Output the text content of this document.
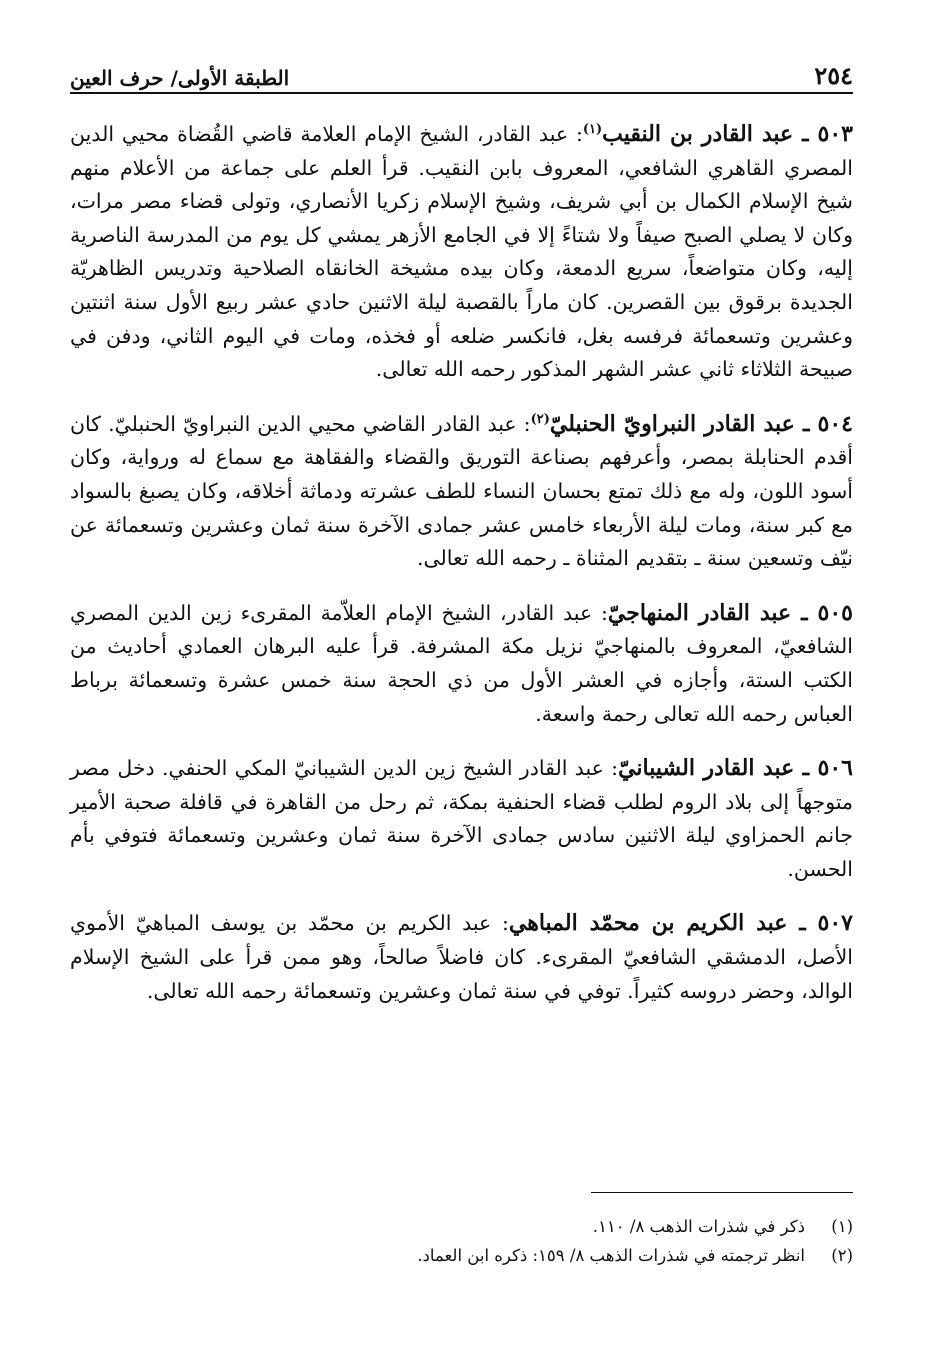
٢٥٤
الطبقة الأولى/ حرف العين

٥٠٣ ـ عبد القادر بن النقيب$^{(١)}$: عبد القادر، الشيخ الإمام العلامة قاضي القُضاة محيي الدين المصري القاهري الشافعي، المعروف بابن النقيب. قرأ العلم على جماعة من الأعلام منهم شيخ الإسلام الكمال بن أبي شريف، وشيخ الإسلام زكريا الأنصاري، وتولى قضاء مصر مرات، وكان لا يصلي الصبح صيفاً ولا شتاءً إلا في الجامع الأزهر يمشي كل يوم من المدرسة الناصرية إليه، وكان متواضعاً، سريع الدمعة، وكان بيده مشيخة الخانقاه الصلاحية وتدريس الظاهريّة الجديدة برقوق بين القصرين. كان ماراً بالقصبة ليلة الاثنين حادي عشر ربيع الأول سنة اثنتين وعشرين وتسعمائة فرفسه بغل، فانكسر ضلعه أو فخذه، ومات في اليوم الثاني، ودفن في صبيحة الثلاثاء ثاني عشر الشهر المذكور رحمه الله تعالى.

٥٠٤ ـ عبد القادر النبراويّ الحنبليّ$^{(٢)}$: عبد القادر القاضي محيي الدين النبراويّ الحنبليّ. كان أقدم الحنابلة بمصر، وأعرفهم بصناعة التوريق والقضاء والفقاهة مع سماع له ورواية، وكان أسود اللون، وله مع ذلك تمتع بحسان النساء للطف عشرته ودماثة أخلاقه، وكان يصبغ بالسواد مع كبر سنة، ومات ليلة الأربعاء خامس عشر جمادى الآخرة سنة ثمان وعشرين وتسعمائة عن نيّف وتسعين سنة ـ بتقديم المثناة ـ رحمه الله تعالى.

٥٠٥ ـ عبد القادر المنهاجيّ: عبد القادر، الشيخ الإمام العلاّمة المقرىء زين الدين المصري الشافعيّ، المعروف بالمنهاجيّ نزيل مكة المشرفة. قرأ عليه البرهان العمادي أحاديث من الكتب الستة، وأجازه في العشر الأول من ذي الحجة سنة خمس عشرة وتسعمائة برباط العباس رحمه الله تعالى رحمة واسعة.

٥٠٦ ـ عبد القادر الشيبانيّ: عبد القادر الشيخ زين الدين الشيبانيّ المكي الحنفي. دخل مصر متوجهاً إلى بلاد الروم لطلب قضاء الحنفية بمكة، ثم رحل من القاهرة في قافلة صحبة الأمير جانم الحمزاوي ليلة الاثنين سادس جمادى الآخرة سنة ثمان وعشرين وتسعمائة فتوفي بأم الحسن.

٥٠٧ ـ عبد الكريم بن محمّد المباهي: عبد الكريم بن محمّد بن يوسف المباهيّ الأموي الأصل، الدمشقي الشافعيّ المقرىء. كان فاضلاً صالحاً، وهو ممن قرأ على الشيخ الإسلام الوالد، وحضر دروسه كثيراً. توفي في سنة ثمان وعشرين وتسعمائة رحمه الله تعالى.

(١)
ذكر في شذرات الذهب ٨/ ١١٠.
(٢)
انظر ترجمته في شذرات الذهب ٨/ ١٥٩: ذكره ابن العماد.
